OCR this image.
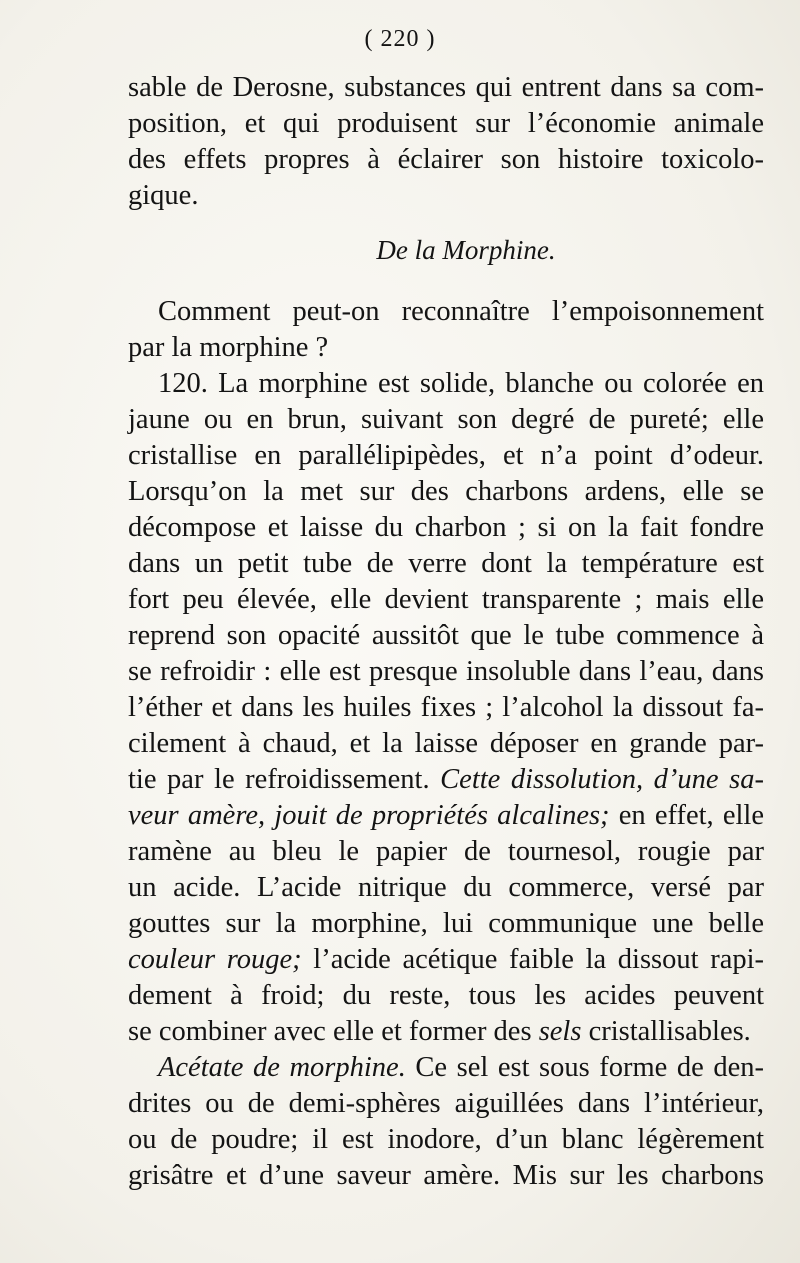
( 220 )
sable de Derosne, substances qui entrent dans sa com-
position, et qui produisent sur l’économie animale
des effets propres à éclairer son histoire toxicolo-
gique.
De la Morphine.
Comment peut-on reconnaître l’empoisonnement
par la morphine ?
120. La morphine est solide, blanche ou colorée en
jaune ou en brun, suivant son degré de pureté; elle
cristallise en parallélipipèdes, et n’a point d’odeur.
Lorsqu’on la met sur des charbons ardens, elle se
décompose et laisse du charbon ; si on la fait fondre
dans un petit tube de verre dont la température est
fort peu élevée, elle devient transparente ; mais elle
reprend son opacité aussitôt que le tube commence à
se refroidir : elle est presque insoluble dans l’eau, dans
l’éther et dans les huiles fixes ; l’alcohol la dissout fa-
cilement à chaud, et la laisse déposer en grande par-
tie par le refroidissement. Cette dissolution, d’une sa-
veur amère, jouit de propriétés alcalines; en effet, elle
ramène au bleu le papier de tournesol, rougie par
un acide. L’acide nitrique du commerce, versé par
gouttes sur la morphine, lui communique une belle
couleur rouge; l’acide acétique faible la dissout rapi-
dement à froid; du reste, tous les acides peuvent
se combiner avec elle et former des sels cristallisables.
Acétate de morphine. Ce sel est sous forme de den-
drites ou de demi-sphères aiguillées dans l’intérieur,
ou de poudre; il est inodore, d’un blanc légèrement
grisâtre et d’une saveur amère. Mis sur les charbons
